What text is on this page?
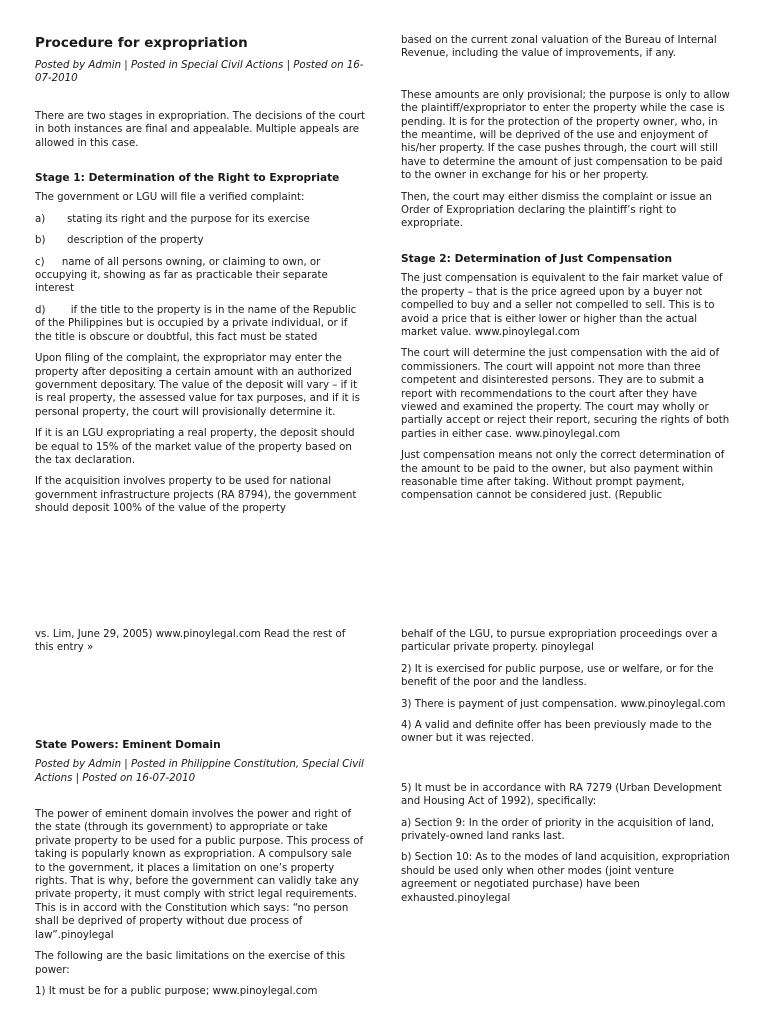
Procedure for expropriation
Posted by Admin | Posted in Special Civil Actions | Posted on 16-07-2010

There are two stages in expropriation. The decisions of the court in both instances are final and appealable. Multiple appeals are allowed in this case.

Stage 1: Determination of the Right to Expropriate

The government or LGU will file a verified complaint:

a)	stating its right and the purpose for its exercise
b)	description of the property

c) name of all persons owning, or claiming to own, or occupying it, showing as far as practicable their separate interest

d) if the title to the property is in the name of the Republic of the Philippines but is occupied by a private individual, or if the title is obscure or doubtful, this fact must be stated

Upon filing of the complaint, the expropriator may enter the property after depositing a certain amount with an authorized government depositary. The value of the deposit will vary – if it is real property, the assessed value for tax purposes, and if it is personal property, the court will provisionally determine it.

If it is an LGU expropriating a real property, the deposit should be equal to 15% of the market value of the property based on the tax declaration.

If the acquisition involves property to be used for national government infrastructure projects (RA 8794), the government should deposit 100% of the value of the property

based on the current zonal valuation of the Bureau of Internal Revenue, including the value of improvements, if any.

These amounts are only provisional; the purpose is only to allow the plaintiff/expropriator to enter the property while the case is pending. It is for the protection of the property owner, who, in the meantime, will be deprived of the use and enjoyment of his/her property. If the case pushes through, the court will still have to determine the amount of just compensation to be paid to the owner in exchange for his or her property.

Then, the court may either dismiss the complaint or issue an Order of Expropriation declaring the plaintiff’s right to expropriate.

Stage 2: Determination of Just Compensation

The just compensation is equivalent to the fair market value of the property – that is the price agreed upon by a buyer not compelled to buy and a seller not compelled to sell. This is to avoid a price that is either lower or higher than the actual market value. www.pinoylegal.com

The court will determine the just compensation with the aid of commissioners. The court will appoint not more than three competent and disinterested persons. They are to submit a report with recommendations to the court after they have viewed and examined the property. The court may wholly or partially accept or reject their report, securing the rights of both parties in either case. www.pinoylegal.com

Just compensation means not only the correct determination of the amount to be paid to the owner, but also payment within reasonable time after taking. Without prompt payment, compensation cannot be considered just. (Republic

vs. Lim, June 29, 2005) www.pinoylegal.com Read the rest of this entry »

State Powers: Eminent Domain

Posted by Admin | Posted in Philippine Constitution, Special Civil Actions | Posted on 16-07-2010

The power of eminent domain involves the power and right of the state (through its government) to appropriate or take private property to be used for a public purpose. This process of taking is popularly known as expropriation. A compulsory sale to the government, it places a limitation on one’s property rights. That is why, before the government can validly take any private property, it must comply with strict legal requirements. This is in accord with the Constitution which says: “no person shall be deprived of property without due process of law”.pinoylegal

The following are the basic limitations on the exercise of this power:

1) It must be for a public purpose; www.pinoylegal.com

behalf of the LGU, to pursue expropriation proceedings over a particular private property. pinoylegal

2) It is exercised for public purpose, use or welfare, or for the benefit of the poor and the landless.

3) There is payment of just compensation. www.pinoylegal.com

4) A valid and definite offer has been previously made to the owner but it was rejected.

5) It must be in accordance with RA 7279 (Urban Development and Housing Act of 1992), specifically:

a) Section 9: In the order of priority in the acquisition of land, privately-owned land ranks last.

b) Section 10: As to the modes of land acquisition, expropriation should be used only when other modes (joint venture agreement or negotiated purchase) have been exhausted.pinoylegal
